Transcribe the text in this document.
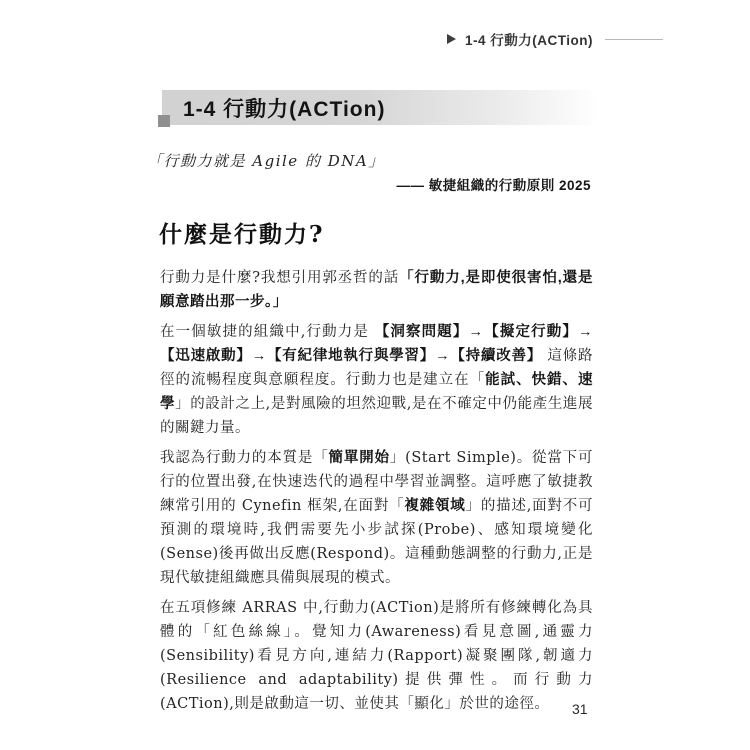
1-4 行動力(ACTion)
1-4 行動力(ACTion)
「行動力就是 Agile 的 DNA」
—— 敏捷組織的行動原則 2025
什麼是行動力?

行動力是什麼?我想引用郭丞哲的話「行動力,是即使很害怕,還是願意踏出那一步。」

在一個敏捷的組織中,行動力是 【洞察問題】→【擬定行動】→【迅速啟動】→【有紀律地執行與學習】→【持續改善】 這條路徑的流暢程度與意願程度。行動力也是建立在「能試、快錯、速學」的設計之上,是對風險的坦然迎戰,是在不確定中仍能產生進展的關鍵力量。

我認為行動力的本質是「簡單開始」(Start Simple)。從當下可行的位置出發,在快速迭代的過程中學習並調整。這呼應了敏捷教練常引用的 Cynefin 框架,在面對「複雜領域」的描述,面對不可預測的環境時,我們需要先小步試探(Probe)、感知環境變化(Sense)後再做出反應(Respond)。這種動態調整的行動力,正是現代敏捷組織應具備與展現的模式。

在五項修練 ARRAS 中,行動力(ACTion)是將所有修練轉化為具體的「紅色絲線」。覺知力(Awareness)看見意圖,通靈力(Sensibility)看見方向,連結力(Rapport)凝聚團隊,韌適力(Resilience and adaptability)提供彈性。而行動力(ACTion),則是啟動這一切、並使其「顯化」於世的途徑。	31
